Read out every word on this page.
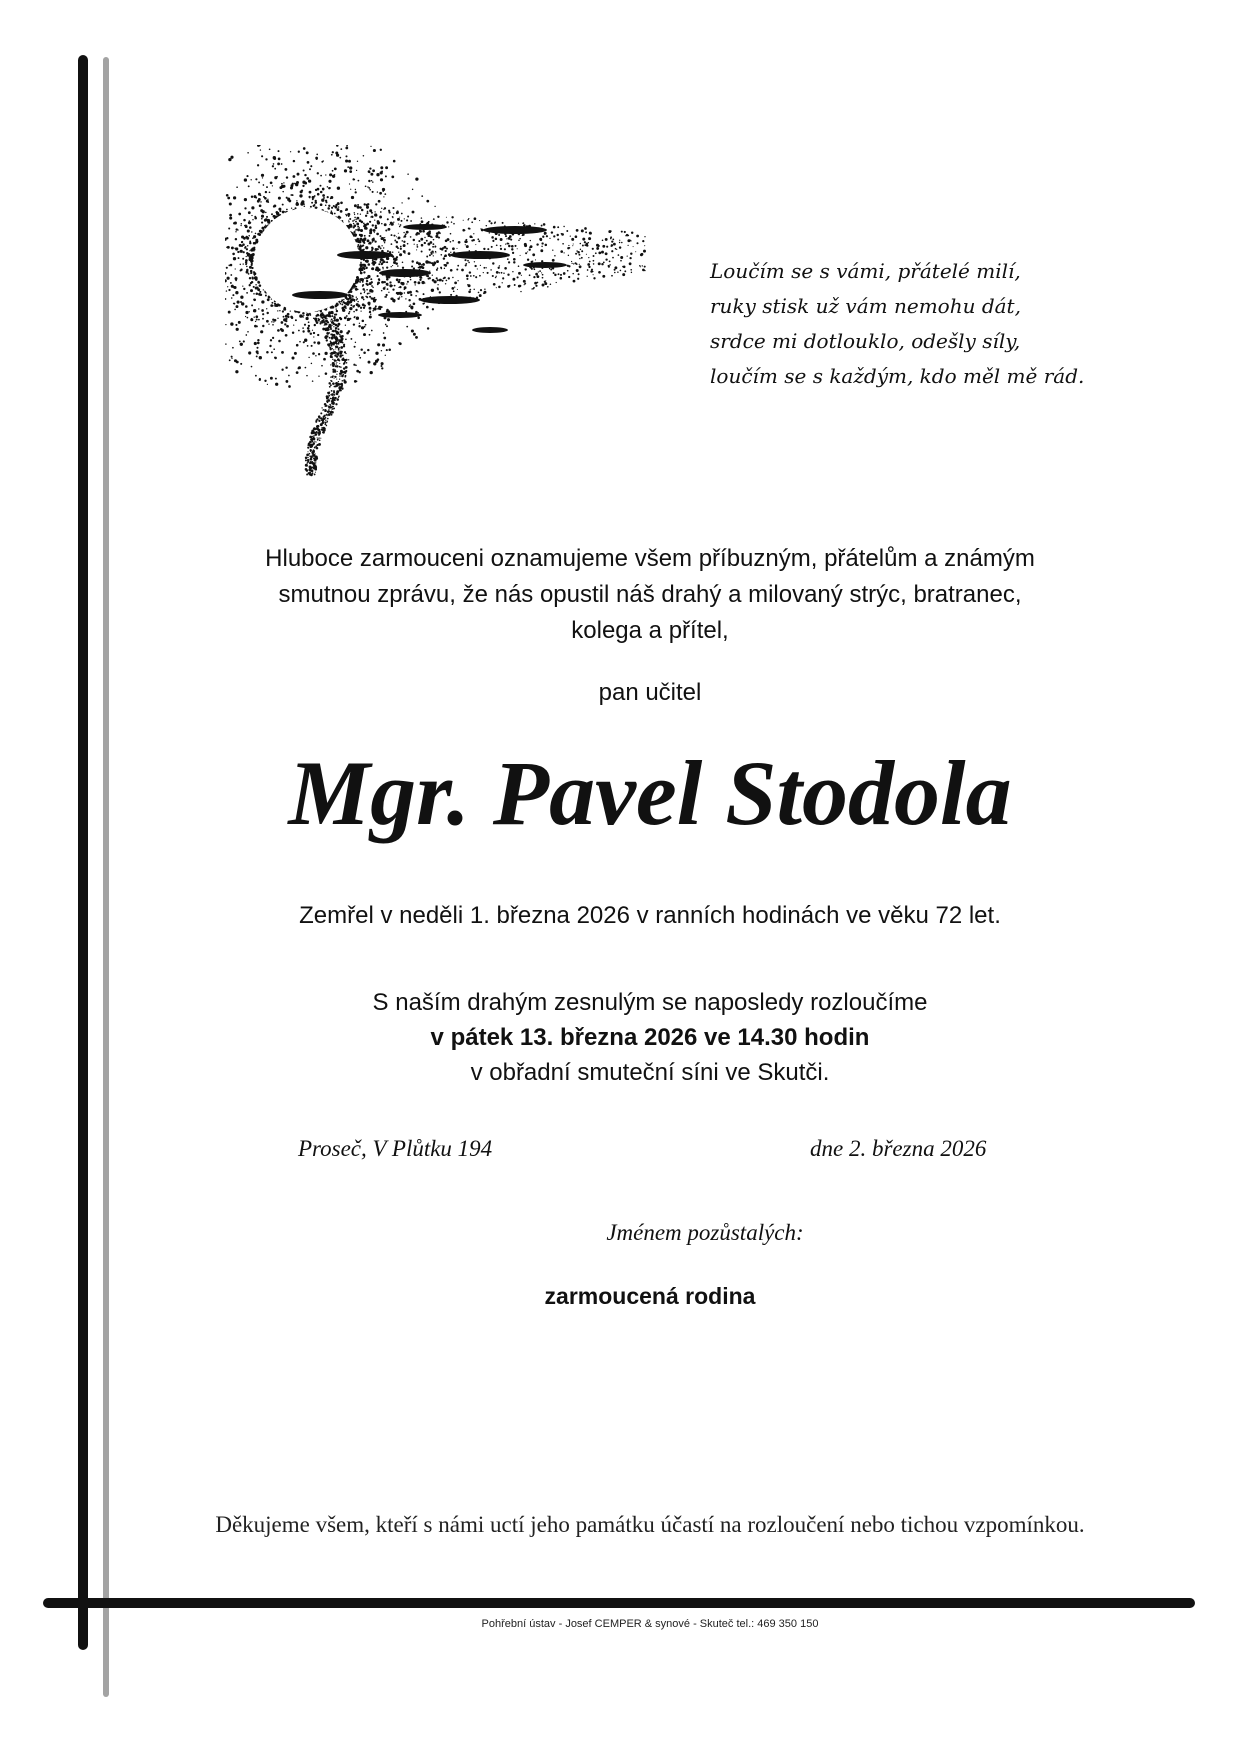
Loučím se s vámi, přátelé milí,
ruky stisk už vám nemohu dát,
srdce mi dotlouklo, odešly síly,
loučím se s každým, kdo měl mě rád.
Hluboce zarmouceni oznamujeme všem příbuzným, přátelům a známým
smutnou zprávu, že nás opustil náš drahý a milovaný strýc, bratranec,
kolega a přítel,
pan učitel
Mgr. Pavel Stodola
Zemřel v neděli 1. března 2026 v ranních hodinách ve věku 72 let.
S naším drahým zesnulým se naposledy rozloučíme
v pátek 13. března 2026 ve 14.30 hodin
v obřadní smuteční síni ve Skutči.
Proseč, V Plůtku 194	dne 2. března 2026
Jménem pozůstalých:
zarmoucená rodina
Děkujeme všem, kteří s námi uctí jeho památku účastí na rozloučení nebo tichou vzpomínkou.
Pohřební ústav - Josef CEMPER & synové - Skuteč tel.: 469 350 150
